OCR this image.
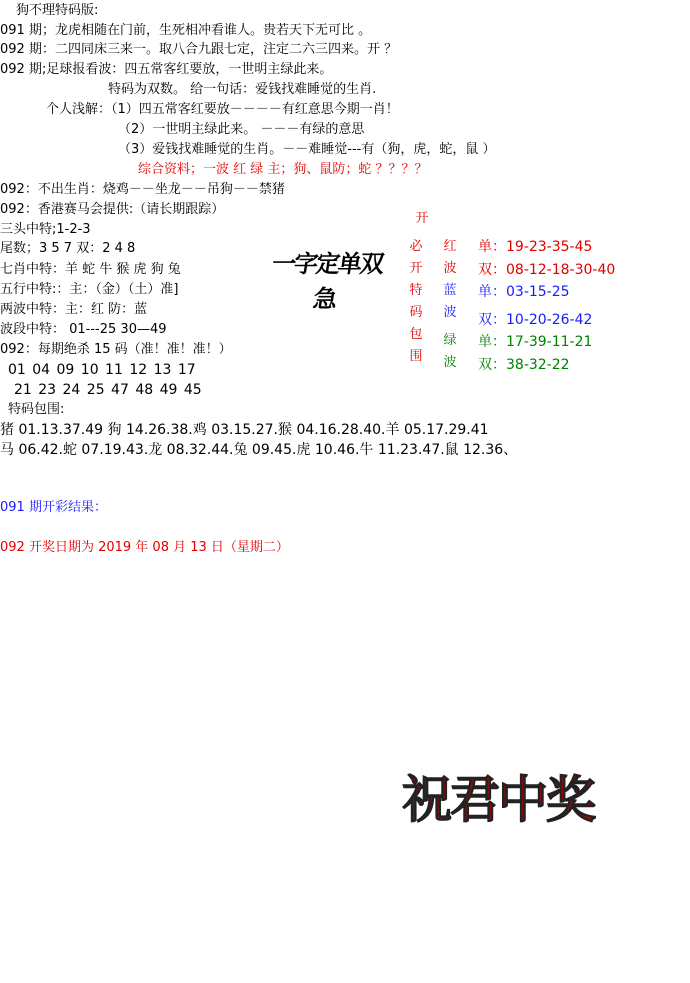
狗不理特码版:
091 期；龙虎相随在门前，生死相冲看谁人。贵若天下无可比 。
092 期：二四同床三来一。取八合九跟七定，注定二六三四来。开 ？
092 期;足球报看波：四五常客红要放，一世明主绿此来。
特码为双数。 给一句话：爱钱找难睡觉的生肖.
个人浅解：（1）四五常客红要放－－－－有红意思今期一肖！
（2）一世明主绿此来。 －－－有绿的意思
（3）爱钱找难睡觉的生肖。－－难睡觉---有（狗，虎，蛇，鼠 ）
综合资料；一波 红 绿 主；狗、鼠防；蛇 ？？？？
092：不出生肖：烧鸡－－坐龙－－吊狗－－禁猪
092：香港赛马会提供:（请长期跟踪）
三头中特;1-2-3
尾数；3 5 7 双：2 4 8
七肖中特：羊 蛇 牛 猴 虎 狗 兔
五行中特:：主：（金）（土）准]
两波中特：主：红 防：蓝
波段中特： 01---25 30—49
092：每期绝杀 15 码（准！准！准！）
01 04 09 10 11 12 13 17
21 23 24 25 47 48 49 45
特码包围:
猪 01.13.37.49 狗 14.26.38.鸡 03.15.27.猴 04.16.28.40.羊 05.17.29.41
马 06.42.蛇 07.19.43.龙 08.32.44.兔 09.45.虎 10.46.牛 11.23.47.鼠 12.36、
一字定单双
急
开
必
开
特
码
包
围
红
波
蓝
波
绿
波
单：19-23-35-45
双：08-12-18-30-40
单：03-15-25
双：10-20-26-42
单：17-39-11-21
双：38-32-22
091 期开彩结果：
092 开奖日期为 2019 年 08 月 13 日（星期二）
祝君中奖
